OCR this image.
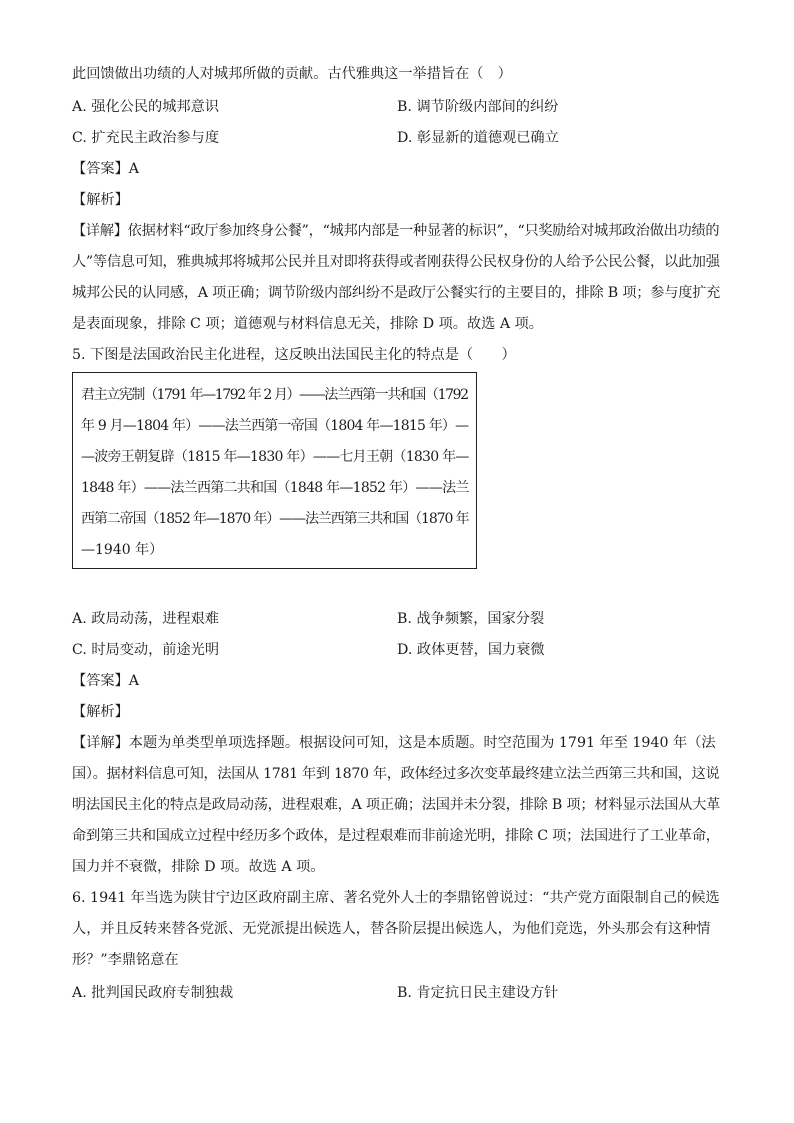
此回馈做出功绩的人对城邦所做的贡献。古代雅典这一举措旨在（　）
A. 强化公民的城邦意识	B. 调节阶级内部间的纠纷
C. 扩充民主政治参与度	D. 彰显新的道德观已确立
【答案】A
【解析】
【详解】依据材料“政厅参加终身公餐”，“城邦内部是一种显著的标识”，“只奖励给对城邦政治做出功绩的
人”等信息可知，雅典城邦将城邦公民并且对即将获得或者刚获得公民权身份的人给予公民公餐，以此加强
城邦公民的认同感，A 项正确；调节阶级内部纠纷不是政厅公餐实行的主要目的，排除 B 项；参与度扩充
是表面现象，排除 C 项；道德观与材料信息无关，排除 D 项。故选 A 项。
5. 下图是法国政治民主化进程，这反映出法国民主化的特点是（　　）
君主立宪制（1791 年—1792 年 2 月）——法兰西第一共和国（1792
年 9 月—1804 年）——法兰西第一帝国（1804 年—1815 年）—
—波旁王朝复辟（1815 年—1830 年）——七月王朝（1830 年—
1848 年）——法兰西第二共和国（1848 年—1852 年）——法兰
西第二帝国（1852 年—1870 年）——法兰西第三共和国（1870 年
—1940 年）
A. 政局动荡，进程艰难	B. 战争频繁，国家分裂
C. 时局变动，前途光明	D. 政体更替，国力衰微
【答案】A
【解析】
【详解】本题为单类型单项选择题。根据设问可知，这是本质题。时空范围为 1791 年至 1940 年（法
国）。据材料信息可知，法国从 1781 年到 1870 年，政体经过多次变革最终建立法兰西第三共和国，这说
明法国民主化的特点是政局动荡，进程艰难，A 项正确；法国并未分裂，排除 B 项；材料显示法国从大革
命到第三共和国成立过程中经历多个政体，是过程艰难而非前途光明，排除 C 项；法国进行了工业革命，
国力并不衰微，排除 D 项。故选 A 项。
6. 1941 年当选为陕甘宁边区政府副主席、著名党外人士的李鼎铭曾说过：“共产党方面限制自己的候选
人，并且反转来替各党派、无党派提出候选人，替各阶层提出候选人，为他们竞选，外头那会有这种情
形？”李鼎铭意在
A. 批判国民政府专制独裁	B. 肯定抗日民主建设方针
